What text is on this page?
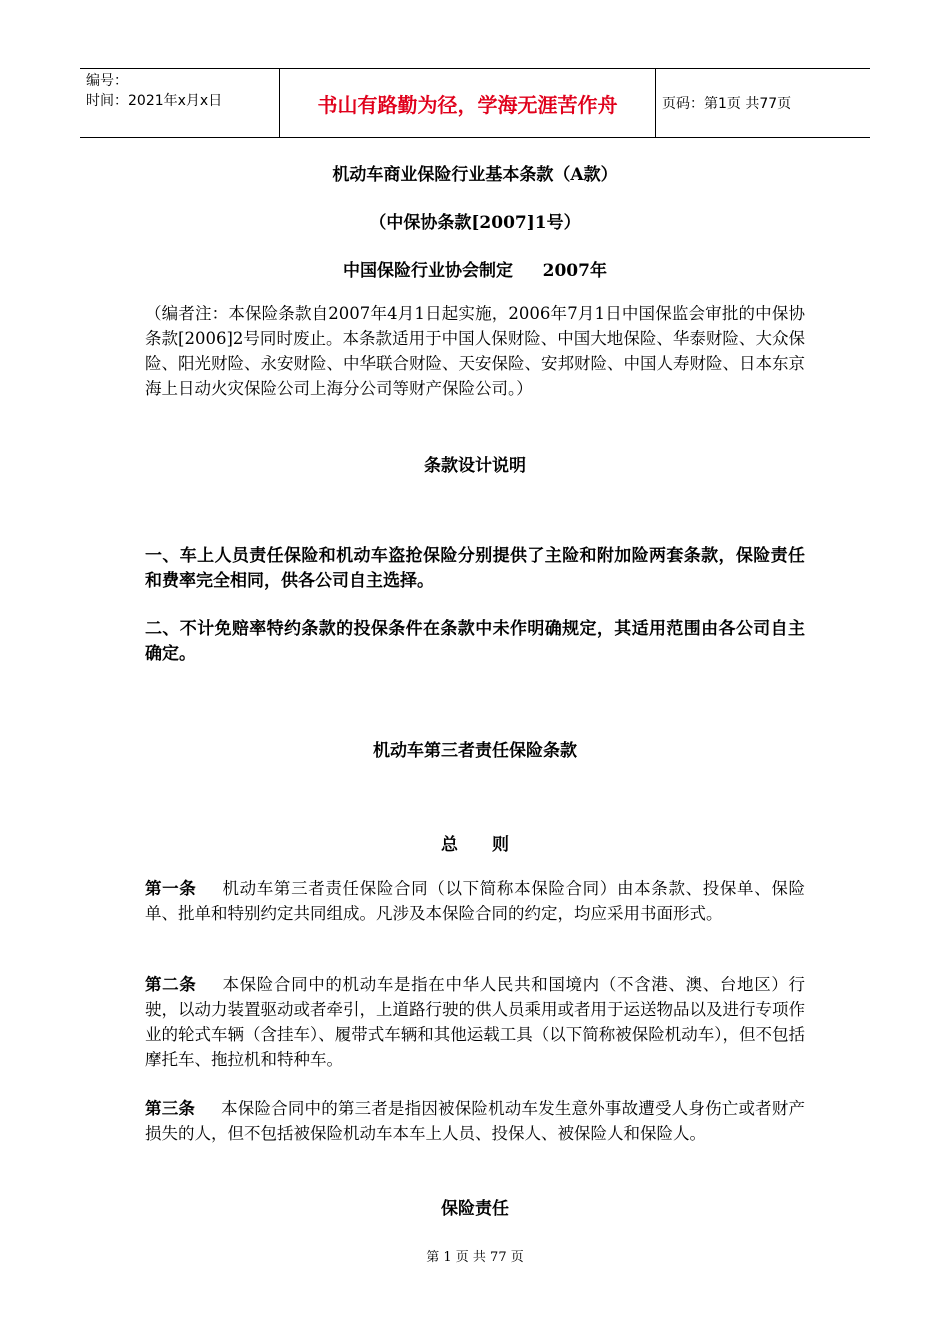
编号：
时间：2021年x月x日	书山有路勤为径，学海无涯苦作舟	页码：第1页 共77页
机动车商业保险行业基本条款（A款）
（中保协条款[2007]1号）
中国保险行业协会制定     2007年
（编者注：本保险条款自2007年4月1日起实施，2006年7月1日中国保监会审批的中保协条款[2006]2号同时废止。本条款适用于中国人保财险、中国大地保险、华泰财险、大众保险、阳光财险、永安财险、中华联合财险、天安保险、安邦财险、中国人寿财险、日本东京海上日动火灾保险公司上海分公司等财产保险公司。）
条款设计说明
一、车上人员责任保险和机动车盗抢保险分别提供了主险和附加险两套条款，保险责任和费率完全相同，供各公司自主选择。
二、不计免赔率特约条款的投保条件在条款中未作明确规定，其适用范围由各公司自主确定。
机动车第三者责任保险条款
总　　则
第一条 机动车第三者责任保险合同（以下简称本保险合同）由本条款、投保单、保险单、批单和特别约定共同组成。凡涉及本保险合同的约定，均应采用书面形式。
第二条 本保险合同中的机动车是指在中华人民共和国境内（不含港、澳、台地区）行驶，以动力装置驱动或者牵引，上道路行驶的供人员乘用或者用于运送物品以及进行专项作业的轮式车辆（含挂车）、履带式车辆和其他运载工具（以下简称被保险机动车），但不包括摩托车、拖拉机和特种车。
第三条 本保险合同中的第三者是指因被保险机动车发生意外事故遭受人身伤亡或者财产损失的人，但不包括被保险机动车本车上人员、投保人、被保险人和保险人。
保险责任
第 1 页 共 77 页
